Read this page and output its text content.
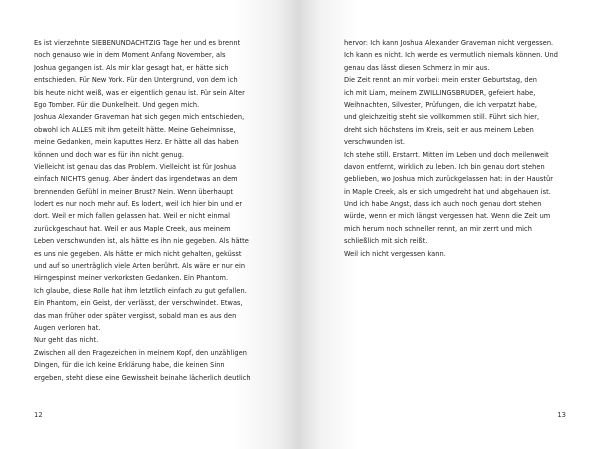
Es ist vierzehnte SIEBENUNDACHTZIG Tage her und es brennt
noch genauso wie in dem Moment Anfang November, als
Joshua gegangen ist. Als mir klar gesagt hat, er hätte sich
entschieden. Für New York. Für den Untergrund, von dem ich
bis heute nicht weiß, was er eigentlich genau ist. Für sein Alter
Ego Tomber. Für die Dunkelheit. Und gegen mich.
Joshua Alexander Graveman hat sich gegen mich entschieden,
obwohl ich ALLES mit ihm geteilt hätte. Meine Geheimnisse,
meine Gedanken, mein kaputtes Herz. Er hätte all das haben
können und doch war es für ihn nicht genug.
Vielleicht ist genau das das Problem. Vielleicht ist für Joshua
einfach NICHTS genug. Aber ändert das irgendetwas an dem
brennenden Gefühl in meiner Brust? Nein. Wenn überhaupt
lodert es nur noch mehr auf. Es lodert, weil ich hier bin und er
dort. Weil er mich fallen gelassen hat. Weil er nicht einmal
zurückgeschaut hat. Weil er aus Maple Creek, aus meinem
Leben verschwunden ist, als hätte es ihn nie gegeben. Als hätte
es uns nie gegeben. Als hätte er mich nicht gehalten, geküsst
und auf so unerträglich viele Arten berührt. Als wäre er nur ein
Hirngespinst meiner verkorksten Gedanken. Ein Phantom.
Ich glaube, diese Rolle hat ihm letztlich einfach zu gut gefallen.
Ein Phantom, ein Geist, der verlässt, der verschwindet. Etwas,
das man früher oder später vergisst, sobald man es aus den
Augen verloren hat.
Nur geht das nicht.
Zwischen all den Fragezeichen in meinem Kopf, den unzähligen
Dingen, für die ich keine Erklärung habe, die keinen Sinn
ergeben, steht diese eine Gewissheit beinahe lächerlich deutlich
12
hervor: Ich kann Joshua Alexander Graveman nicht vergessen.
Ich kann es nicht. Ich werde es vermutlich niemals können. Und
genau das lässt diesen Schmerz in mir aus.
Die Zeit rennt an mir vorbei: mein erster Geburtstag, den
ich mit Liam, meinem ZWILLINGSBRUDER, gefeiert habe,
Weihnachten, Silvester, Prüfungen, die ich verpatzt habe,
und gleichzeitig steht sie vollkommen still. Führt sich hier,
dreht sich höchstens im Kreis, seit er aus meinem Leben
verschwunden ist.
Ich stehe still. Erstarrt. Mitten im Leben und doch meilenweit
davon entfernt, wirklich zu leben. Ich bin genau dort stehen
geblieben, wo Joshua mich zurückgelassen hat: in der Haustür
in Maple Creek, als er sich umgedreht hat und abgehauen ist.
Und ich habe Angst, dass ich auch noch genau dort stehen
würde, wenn er mich längst vergessen hat. Wenn die Zeit um
mich herum noch schneller rennt, an mir zerrt und mich
schließlich mit sich reißt.
Weil ich nicht vergessen kann.
13
